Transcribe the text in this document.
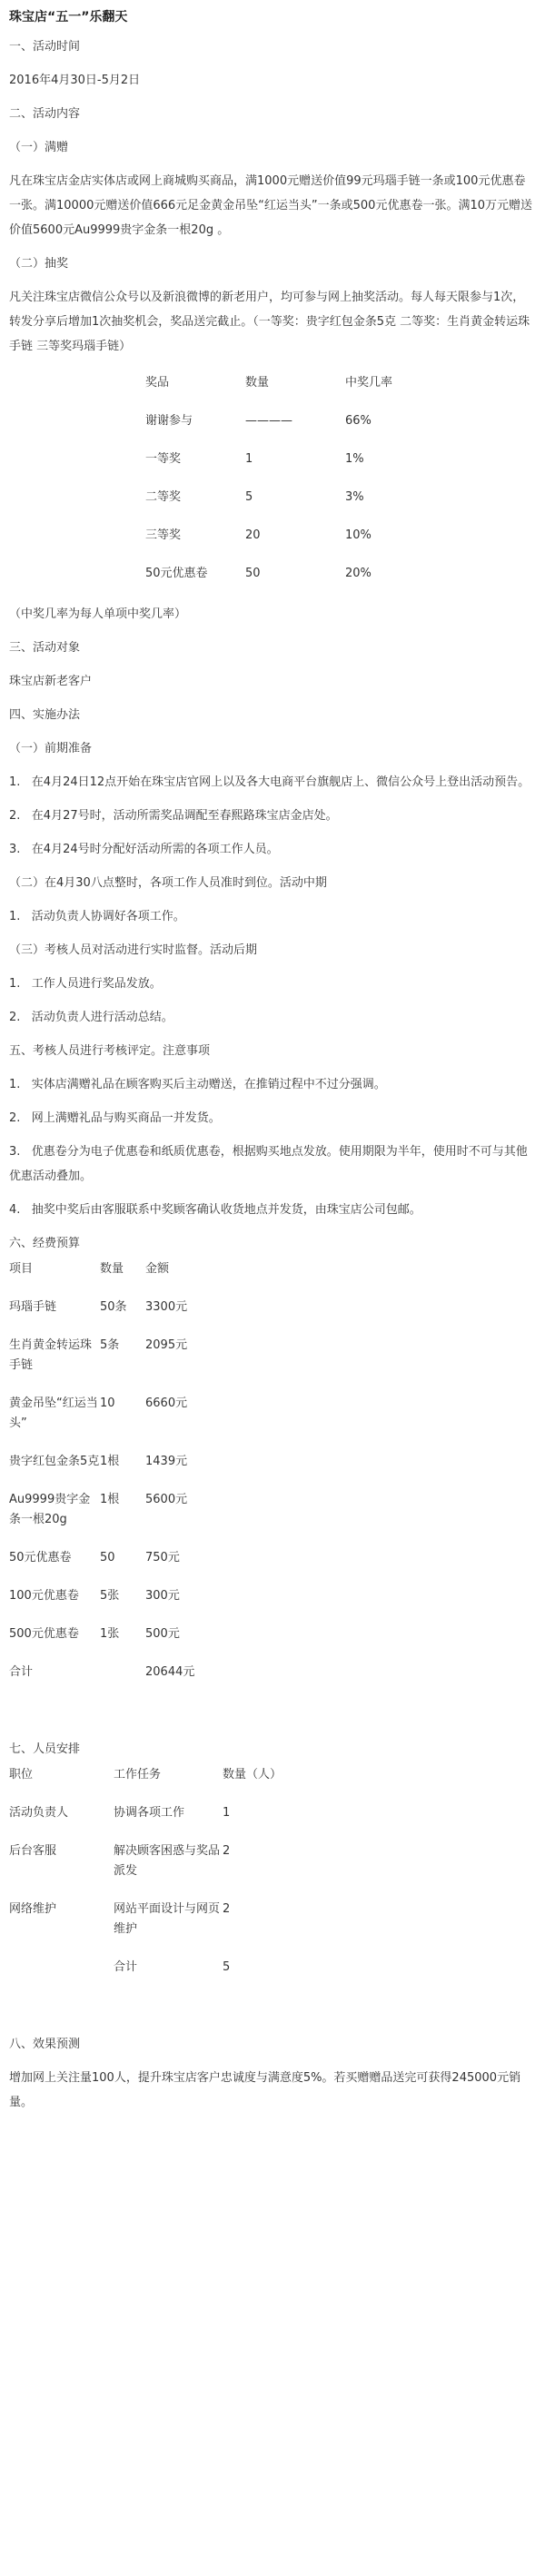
珠宝店“五一”乐翻天

一、活动时间

2016年4月30日-5月2日

二、活动内容

（一）满赠

凡在珠宝店金店实体店或网上商城购买商品，满1000元赠送价值99元玛瑙手链一条或100元优惠卷一张。满10000元赠送价值666元足金黄金吊坠“红运当头”一条或500元优惠卷一张。满10万元赠送价值5600元Au9999贵字金条一根20g 。

（二）抽奖

凡关注珠宝店微信公众号以及新浪微博的新老用户，均可参与网上抽奖活动。每人每天限参与1次，转发分享后增加1次抽奖机会，奖品送完截止。（一等奖：贵字红包金条5克 二等奖：生肖黄金转运珠手链 三等奖玛瑙手链）

奖品	数量	中奖几率
谢谢参与	————	66%
一等奖	1	1%
二等奖	5	3%
三等奖	20	10%
50元优惠卷	50	20%

（中奖几率为每人单项中奖几率）

三、活动对象

珠宝店新老客户

四、实施办法

（一）前期准备

1.   在4月24日12点开始在珠宝店官网上以及各大电商平台旗舰店上、微信公众号上登出活动预告。

2.   在4月27号时，活动所需奖品调配至春熙路珠宝店金店处。

3.   在4月24号时分配好活动所需的各项工作人员。

（二）在4月30八点整时，各项工作人员准时到位。活动中期

1.   活动负责人协调好各项工作。

（三）考核人员对活动进行实时监督。活动后期

1.   工作人员进行奖品发放。

2.   活动负责人进行活动总结。

五、考核人员进行考核评定。注意事项

1.   实体店满赠礼品在顾客购买后主动赠送，在推销过程中不过分强调。

2.   网上满赠礼品与购买商品一并发货。

3.   优惠卷分为电子优惠卷和纸质优惠卷，根据购买地点发放。使用期限为半年，使用时不可与其他优惠活动叠加。

4.   抽奖中奖后由客服联系中奖顾客确认收货地点并发货，由珠宝店公司包邮。

六、经费预算

项目	数量	金额
玛瑙手链	50条	3300元
生肖黄金转运珠手链	5条	2095元
黄金吊坠“红运当头”	10	6660元
贵字红包金条5克	1根	1439元
Au9999贵字金条一根20g	1根	5600元
50元优惠卷	50	750元
100元优惠卷	5张	300元
500元优惠卷	1张	500元
合计		20644元

七、人员安排

职位	工作任务	数量（人）
活动负责人	协调各项工作	1
后台客服	解决顾客困惑与奖品派发	2
网络维护	网站平面设计与网页维护	2
	合计	5

八、效果预测

增加网上关注量100人，提升珠宝店客户忠诚度与满意度5%。若买赠赠品送完可获得245000元销量。
